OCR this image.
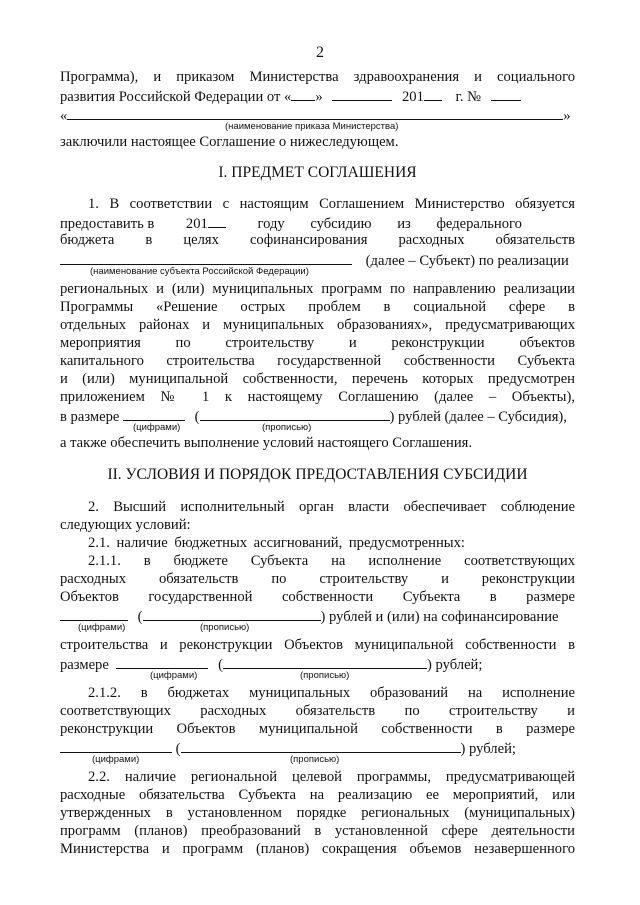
2
Программа), и приказом Министерства здравоохранения и социального
развития Российской Федерации от « »	201 г. №
«	»
(наименование приказа Министерства)
заключили настоящее Соглашение о нижеследующем.
I. ПРЕДМЕТ СОГЛАШЕНИЯ
1. В соответствии с настоящим Соглашением Министерство обязуется
предоставить в 201	году субсидию из федерального
бюджета в целях софинансирования расходных обязательств
(далее – Субъект) по реализации
(наименование субъекта Российской Федерации)
региональных и (или) муниципальных программ по направлению реализации
Программы «Решение острых проблем в социальной сфере в
отдельных районах и муниципальных образованиях», предусматривающих
мероприятия по строительству и реконструкции объектов
капитального строительства государственной собственности Субъекта
и (или) муниципальной собственности, перечень которых предусмотрен
приложением № 1 к настоящему Соглашению (далее – Объекты),
в размере	(	) рублей (далее – Субсидия),
(цифрами)	(прописью)
а также обеспечить выполнение условий настоящего Соглашения.
II. УСЛОВИЯ И ПОРЯДОК ПРЕДОСТАВЛЕНИЯ СУБСИДИИ
2. Высший исполнительный орган власти обеспечивает соблюдение
следующих условий:
2.1. наличие бюджетных ассигнований, предусмотренных:
2.1.1. в бюджете Субъекта на исполнение соответствующих
расходных обязательств по строительству и реконструкции
Объектов государственной собственности Субъекта в размере
(	) рублей и (или) на софинансирование
(цифрами)	(прописью)
строительства и реконструкции Объектов муниципальной собственности в
размере	(	) рублей;
(цифрами)	(прописью)
2.1.2. в бюджетах муниципальных образований на исполнение
соответствующих расходных обязательств по строительству и
реконструкции Объектов муниципальной собственности в размере
(	) рублей;
(цифрами)	(прописью)
2.2. наличие региональной целевой программы, предусматривающей
расходные обязательства Субъекта на реализацию ее мероприятий, или
утвержденных в установленном порядке региональных (муниципальных)
программ (планов) преобразований в установленной сфере деятельности
Министерства и программ (планов) сокращения объемов незавершенного
